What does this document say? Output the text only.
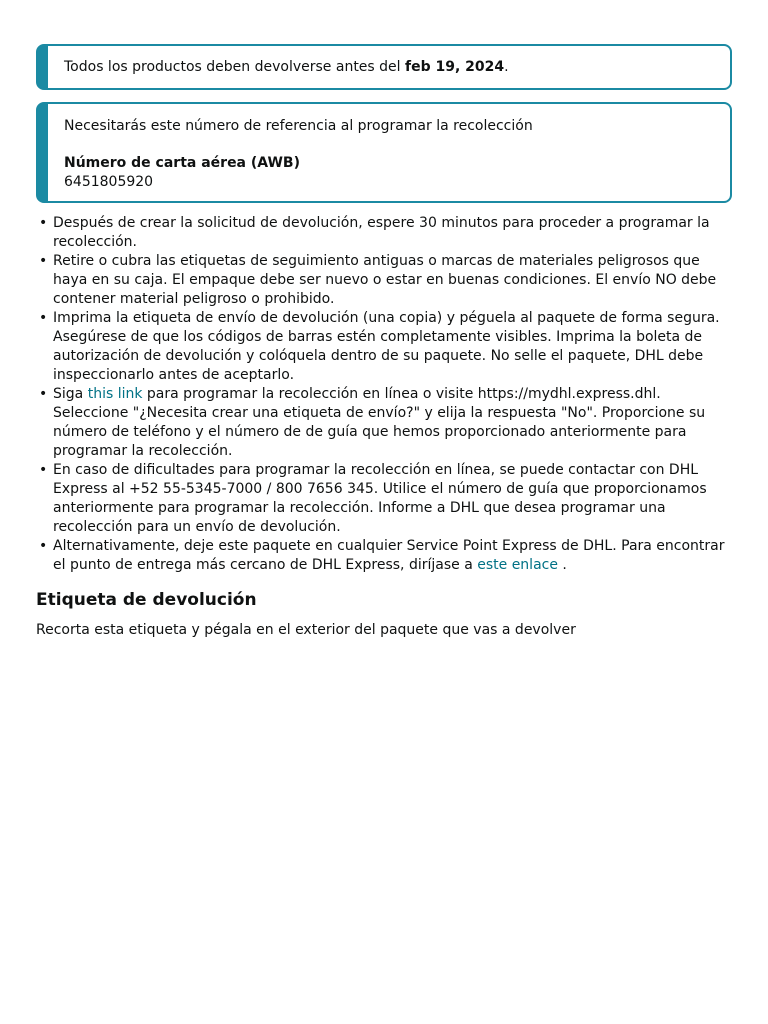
Todos los productos deben devolverse antes del feb 19, 2024.

Necesitarás este número de referencia al programar la recolección

Número de carta aérea (AWB)

6451805920

• Después de crear la solicitud de devolución, espere 30 minutos para proceder a programar la recolección.
• Retire o cubra las etiquetas de seguimiento antiguas o marcas de materiales peligrosos que haya en su caja. El empaque debe ser nuevo o estar en buenas condiciones. El envío NO debe contener material peligroso o prohibido.
• Imprima la etiqueta de envío de devolución (una copia) y péguela al paquete de forma segura. Asegúrese de que los códigos de barras estén completamente visibles. Imprima la boleta de autorización de devolución y colóquela dentro de su paquete. No selle el paquete, DHL debe inspeccionarlo antes de aceptarlo.
• Siga this link para programar la recolección en línea o visite https://mydhl.express.dhl. Seleccione "¿Necesita crear una etiqueta de envío?" y elija la respuesta "No". Proporcione su número de teléfono y el número de de guía que hemos proporcionado anteriormente para programar la recolección.
• En caso de dificultades para programar la recolección en línea, se puede contactar con DHL Express al +52 55-5345-7000 / 800 7656 345. Utilice el número de guía que proporcionamos anteriormente para programar la recolección. Informe a DHL que desea programar una recolección para un envío de devolución.
• Alternativamente, deje este paquete en cualquier Service Point Express de DHL. Para encontrar el punto de entrega más cercano de DHL Express, diríjase a este enlace .
Etiqueta de devolución

Recorta esta etiqueta y pégala en el exterior del paquete que vas a devolver
